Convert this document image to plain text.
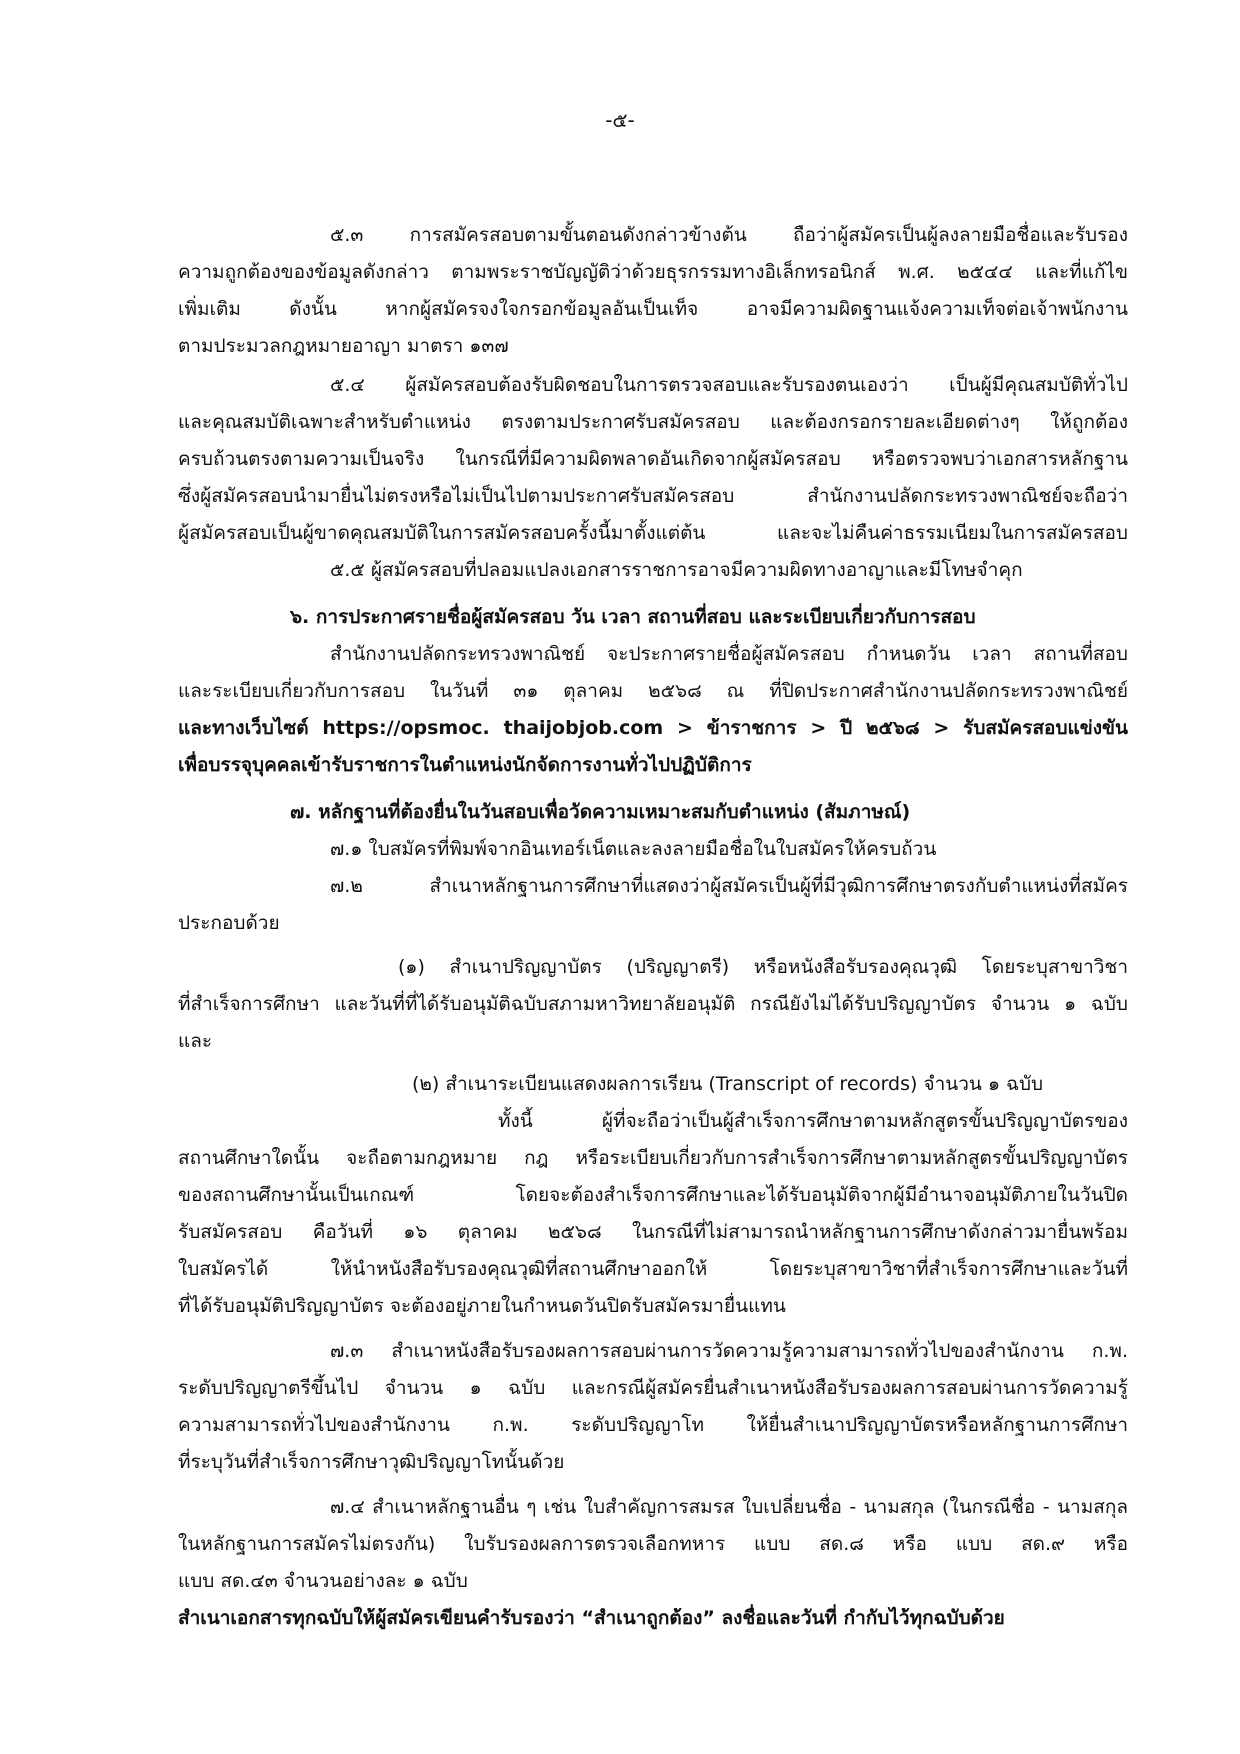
-๕-
๕.๓ การสมัครสอบตามขั้นตอนดังกล่าวข้างต้น ถือว่าผู้สมัครเป็นผู้ลงลายมือชื่อและรับรอง
ความถูกต้องของข้อมูลดังกล่าว ตามพระราชบัญญัติว่าด้วยธุรกรรมทางอิเล็กทรอนิกส์ พ.ศ. ๒๕๔๔ และที่แก้ไข
เพิ่มเติม ดังนั้น หากผู้สมัครจงใจกรอกข้อมูลอันเป็นเท็จ อาจมีความผิดฐานแจ้งความเท็จต่อเจ้าพนักงาน
ตามประมวลกฎหมายอาญา มาตรา ๑๓๗
๕.๔ ผู้สมัครสอบต้องรับผิดชอบในการตรวจสอบและรับรองตนเองว่า เป็นผู้มีคุณสมบัติทั่วไป
และคุณสมบัติเฉพาะสำหรับตำแหน่ง ตรงตามประกาศรับสมัครสอบ และต้องกรอกรายละเอียดต่างๆ ให้ถูกต้อง
ครบถ้วนตรงตามความเป็นจริง ในกรณีที่มีความผิดพลาดอันเกิดจากผู้สมัครสอบ หรือตรวจพบว่าเอกสารหลักฐาน
ซึ่งผู้สมัครสอบนำมายื่นไม่ตรงหรือไม่เป็นไปตามประกาศรับสมัครสอบ สำนักงานปลัดกระทรวงพาณิชย์จะถือว่า
ผู้สมัครสอบเป็นผู้ขาดคุณสมบัติในการสมัครสอบครั้งนี้มาตั้งแต่ต้น และจะไม่คืนค่าธรรมเนียมในการสมัครสอบ
๕.๕ ผู้สมัครสอบที่ปลอมแปลงเอกสารราชการอาจมีความผิดทางอาญาและมีโทษจำคุก
๖. การประกาศรายชื่อผู้สมัครสอบ วัน เวลา สถานที่สอบ และระเบียบเกี่ยวกับการสอบ
สำนักงานปลัดกระทรวงพาณิชย์ จะประกาศรายชื่อผู้สมัครสอบ กำหนดวัน เวลา สถานที่สอบ
และระเบียบเกี่ยวกับการสอบ ในวันที่ ๓๑ ตุลาคม ๒๕๖๘ ณ ที่ปิดประกาศสำนักงานปลัดกระทรวงพาณิชย์
และทางเว็บไซต์ https://opsmoc. thaijobjob.com > ข้าราชการ > ปี ๒๕๖๘ > รับสมัครสอบแข่งขัน
เพื่อบรรจุบุคคลเข้ารับราชการในตำแหน่งนักจัดการงานทั่วไปปฏิบัติการ
๗. หลักฐานที่ต้องยื่นในวันสอบเพื่อวัดความเหมาะสมกับตำแหน่ง (สัมภาษณ์)
๗.๑ ใบสมัครที่พิมพ์จากอินเทอร์เน็ตและลงลายมือชื่อในใบสมัครให้ครบถ้วน
๗.๒ สำเนาหลักฐานการศึกษาที่แสดงว่าผู้สมัครเป็นผู้ที่มีวุฒิการศึกษาตรงกับตำแหน่งที่สมัคร
ประกอบด้วย
(๑) สำเนาปริญญาบัตร (ปริญญาตรี) หรือหนังสือรับรองคุณวุฒิ โดยระบุสาขาวิชา
ที่สำเร็จการศึกษา และวันที่ที่ได้รับอนุมัติฉบับสภามหาวิทยาลัยอนุมัติ กรณียังไม่ได้รับปริญญาบัตร จำนวน ๑ ฉบับ
และ
(๒) สำเนาระเบียนแสดงผลการเรียน (Transcript of records) จำนวน ๑ ฉบับ
ทั้งนี้ ผู้ที่จะถือว่าเป็นผู้สำเร็จการศึกษาตามหลักสูตรขั้นปริญญาบัตรของ
สถานศึกษาใดนั้น จะถือตามกฎหมาย กฎ หรือระเบียบเกี่ยวกับการสำเร็จการศึกษาตามหลักสูตรขั้นปริญญาบัตร
ของสถานศึกษานั้นเป็นเกณฑ์ โดยจะต้องสำเร็จการศึกษาและได้รับอนุมัติจากผู้มีอำนาจอนุมัติภายในวันปิด
รับสมัครสอบ คือวันที่ ๑๖ ตุลาคม ๒๕๖๘ ในกรณีที่ไม่สามารถนำหลักฐานการศึกษาดังกล่าวมายื่นพร้อม
ใบสมัครได้ ให้นำหนังสือรับรองคุณวุฒิที่สถานศึกษาออกให้ โดยระบุสาขาวิชาที่สำเร็จการศึกษาและวันที่
ที่ได้รับอนุมัติปริญญาบัตร จะต้องอยู่ภายในกำหนดวันปิดรับสมัครมายื่นแทน
๗.๓ สำเนาหนังสือรับรองผลการสอบผ่านการวัดความรู้ความสามารถทั่วไปของสำนักงาน ก.พ.
ระดับปริญญาตรีขึ้นไป จำนวน ๑ ฉบับ และกรณีผู้สมัครยื่นสำเนาหนังสือรับรองผลการสอบผ่านการวัดความรู้
ความสามารถทั่วไปของสำนักงาน ก.พ. ระดับปริญญาโท ให้ยื่นสำเนาปริญญาบัตรหรือหลักฐานการศึกษา
ที่ระบุวันที่สำเร็จการศึกษาวุฒิปริญญาโทนั้นด้วย
๗.๔ สำเนาหลักฐานอื่น ๆ เช่น ใบสำคัญการสมรส ใบเปลี่ยนชื่อ - นามสกุล (ในกรณีชื่อ - นามสกุล
ในหลักฐานการสมัครไม่ตรงกัน) ใบรับรองผลการตรวจเลือกทหาร แบบ สด.๘ หรือ แบบ สด.๙ หรือ
แบบ สด.๔๓ จำนวนอย่างละ ๑ ฉบับ
สำเนาเอกสารทุกฉบับให้ผู้สมัครเขียนคำรับรองว่า “สำเนาถูกต้อง” ลงชื่อและวันที่ กำกับไว้ทุกฉบับด้วย
